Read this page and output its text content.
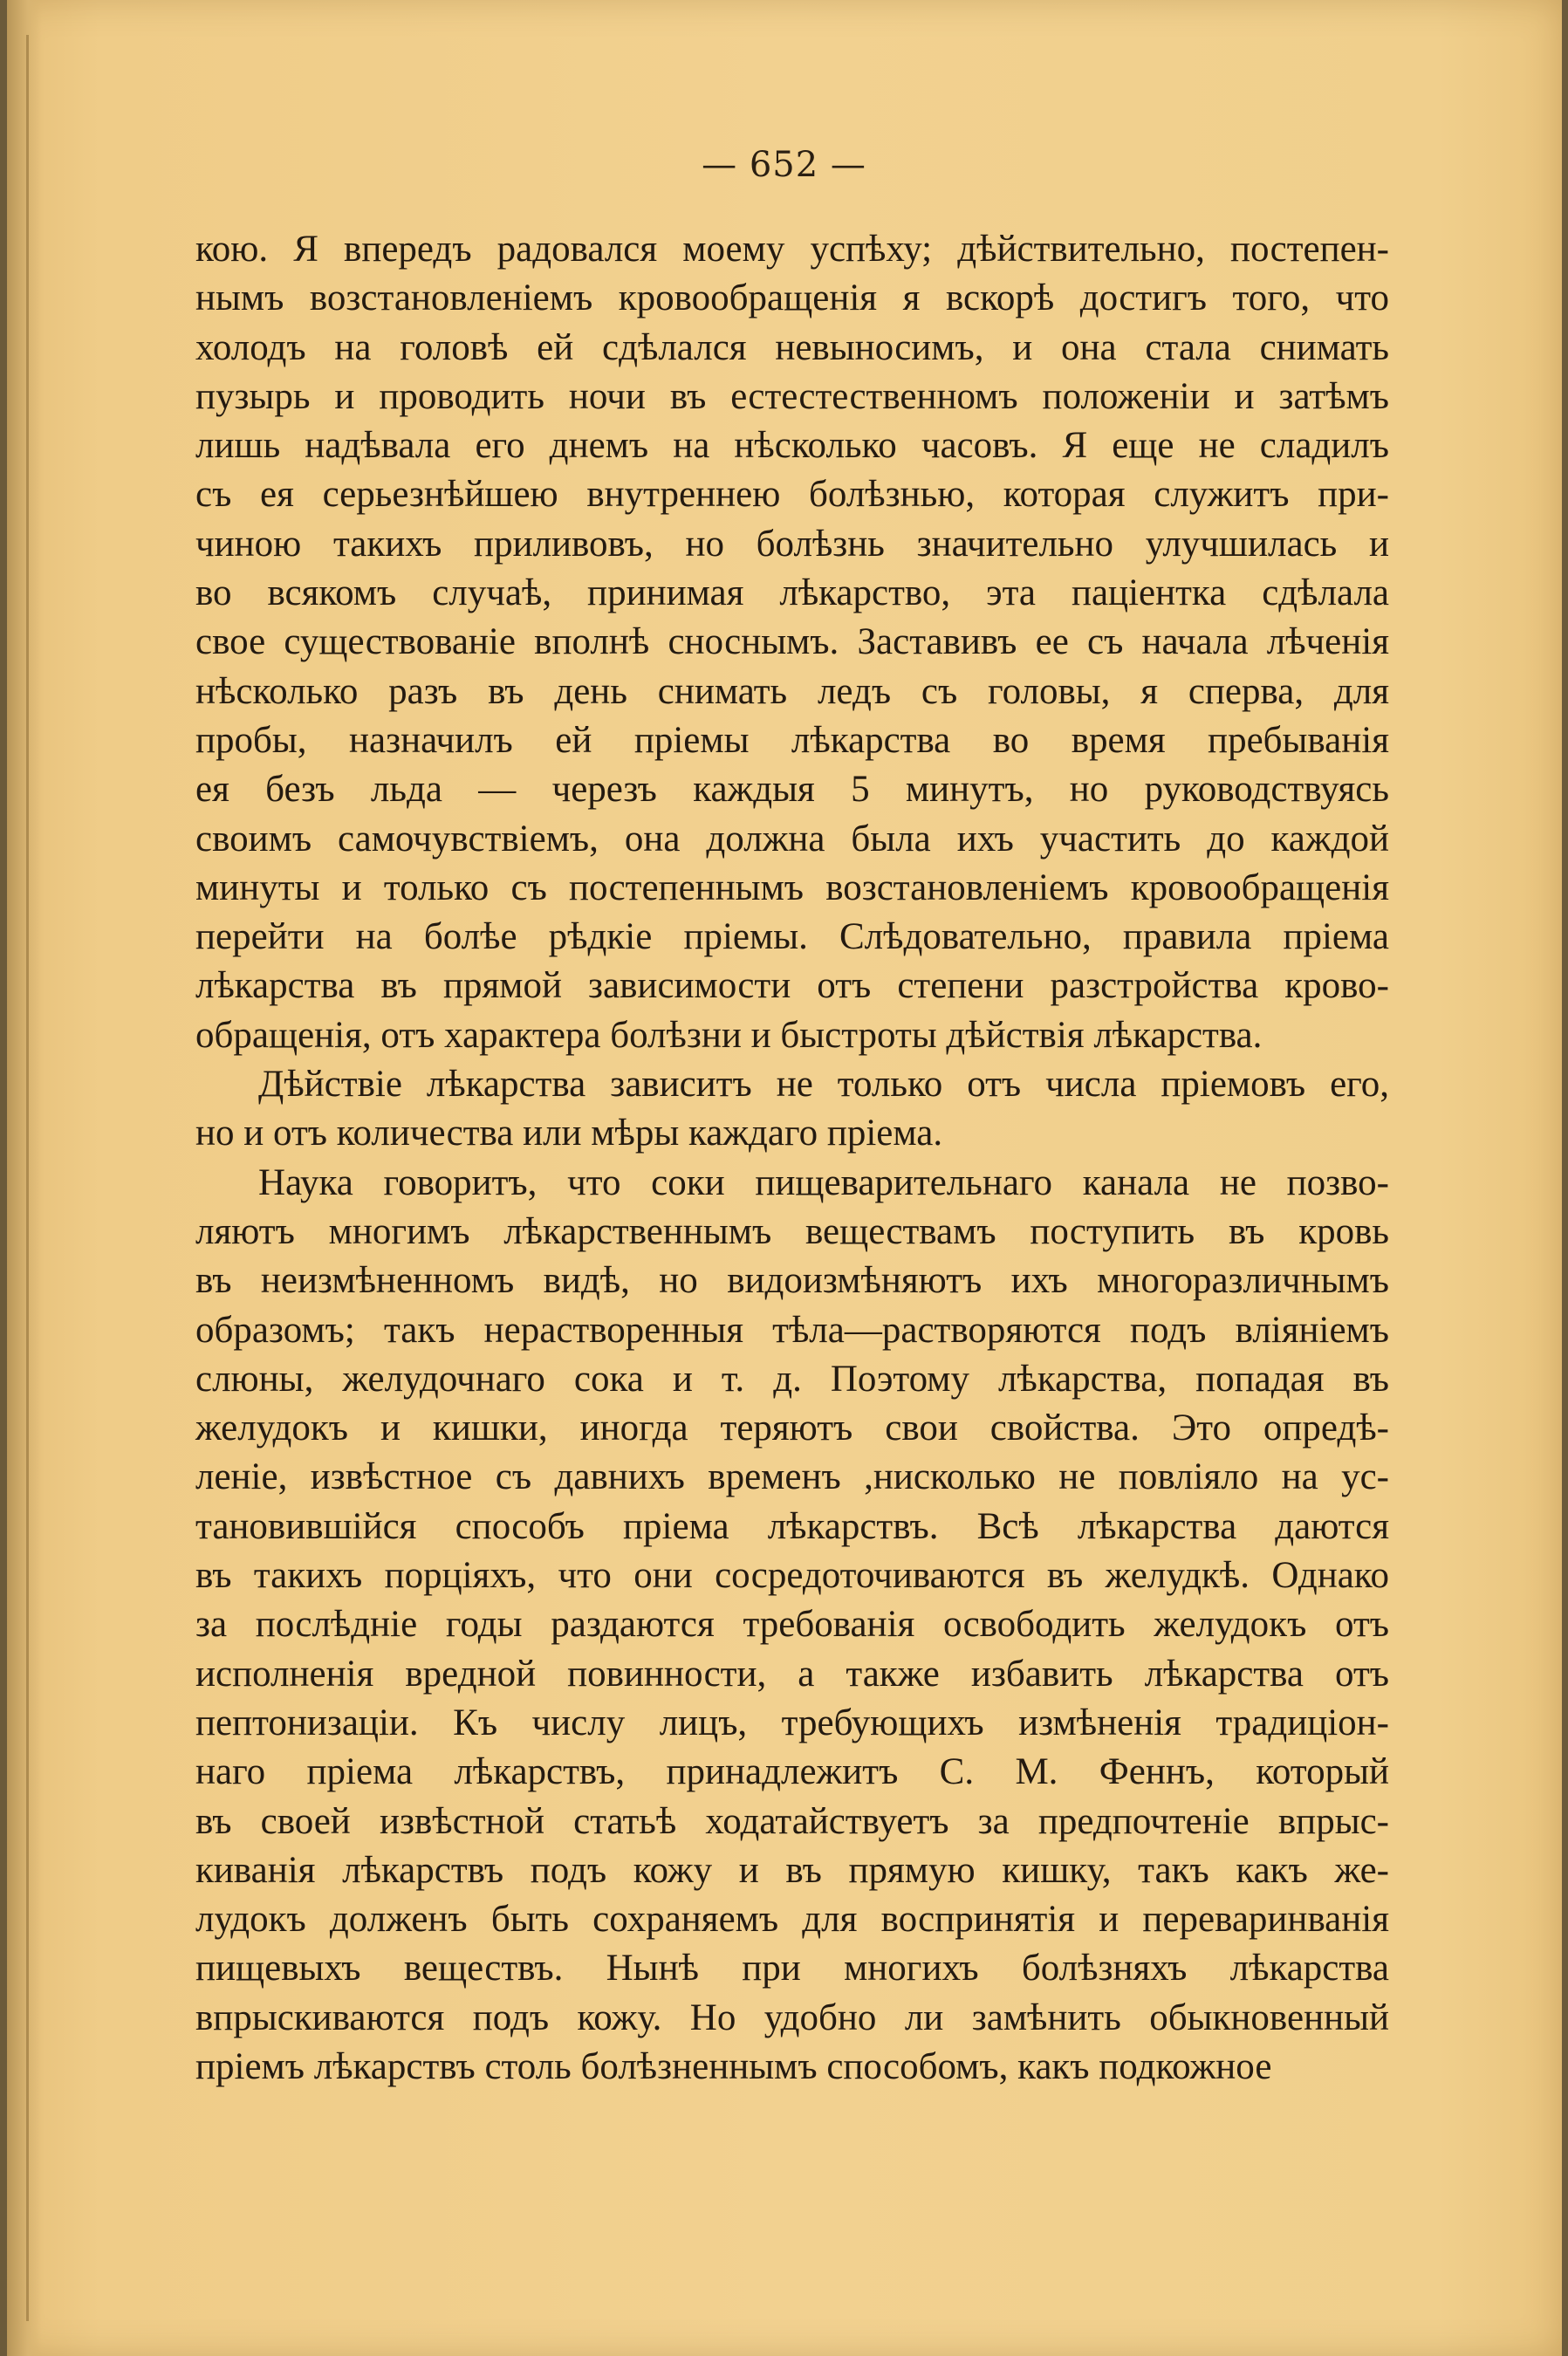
— 652 —

кою. Я впередъ радовался моему успѣху; дѣйствительно, постепен-
нымъ возстановленіемъ кровообращенія я вскорѣ достигъ того, что
холодъ на головѣ ей сдѣлался невыносимъ, и она стала снимать
пузырь и проводить ночи въ естестественномъ положеніи и затѣмъ
лишь надѣвала его днемъ на нѣсколько часовъ. Я еще не сладилъ
съ ея серьезнѣйшею внутреннею болѣзнью, которая служитъ при-
чиною такихъ приливовъ, но болѣзнь значительно улучшилась и
во всякомъ случаѣ, принимая лѣкарство, эта паціентка сдѣлала
свое существованіе вполнѣ сноснымъ. Заставивъ ее съ начала лѣченія
нѣсколько разъ въ день снимать ледъ съ головы, я сперва, для
пробы, назначилъ ей пріемы лѣкарства во время пребыванія
ея безъ льда — черезъ каждыя 5 минутъ, но руководствуясь
своимъ самочувствіемъ, она должна была ихъ участить до каждой
минуты и только съ постепеннымъ возстановленіемъ кровообращенія
перейти на болѣе рѣдкіе пріемы. Слѣдовательно, правила пріема
лѣкарства въ прямой зависимости отъ степени разстройства крово-
обращенія, отъ характера болѣзни и быстроты дѣйствія лѣкарства.

Дѣйствіе лѣкарства зависитъ не только отъ числа пріемовъ его,
но и отъ количества или мѣры каждаго пріема.

Наука говоритъ, что соки пищеварительнаго канала не позво-
ляютъ многимъ лѣкарственнымъ веществамъ поступить въ кровь
въ неизмѣненномъ видѣ, но видоизмѣняютъ ихъ многоразличнымъ
образомъ; такъ нерастворенныя тѣла—растворяются подъ вліяніемъ
слюны, желудочнаго сока и т. д. Поэтому лѣкарства, попадая въ
желудокъ и кишки, иногда теряютъ свои свойства. Это опредѣ-
леніе, извѣстное съ давнихъ временъ ,нисколько не повліяло на ус-
тановившійся способъ пріема лѣкарствъ. Всѣ лѣкарства даются
въ такихъ порціяхъ, что они сосредоточиваются въ желудкѣ. Однако
за послѣдніе годы раздаются требованія освободить желудокъ отъ
исполненія вредной повинности, а также избавить лѣкарства отъ
пептонизаціи. Къ числу лицъ, требующихъ измѣненія традиціон-
наго пріема лѣкарствъ, принадлежитъ С. М. Феннъ, который
въ своей извѣстной статьѣ ходатайствуетъ за предпочтеніе впрыс-
киванія лѣкарствъ подъ кожу и въ прямую кишку, такъ какъ же-
лудокъ долженъ быть сохраняемъ для воспринятія и переваринванія
пищевыхъ веществъ. Нынѣ при многихъ болѣзняхъ лѣкарства
впрыскиваются подъ кожу. Но удобно ли замѣнить обыкновенный
пріемъ лѣкарствъ столь болѣзненнымъ способомъ, какъ подкожное
